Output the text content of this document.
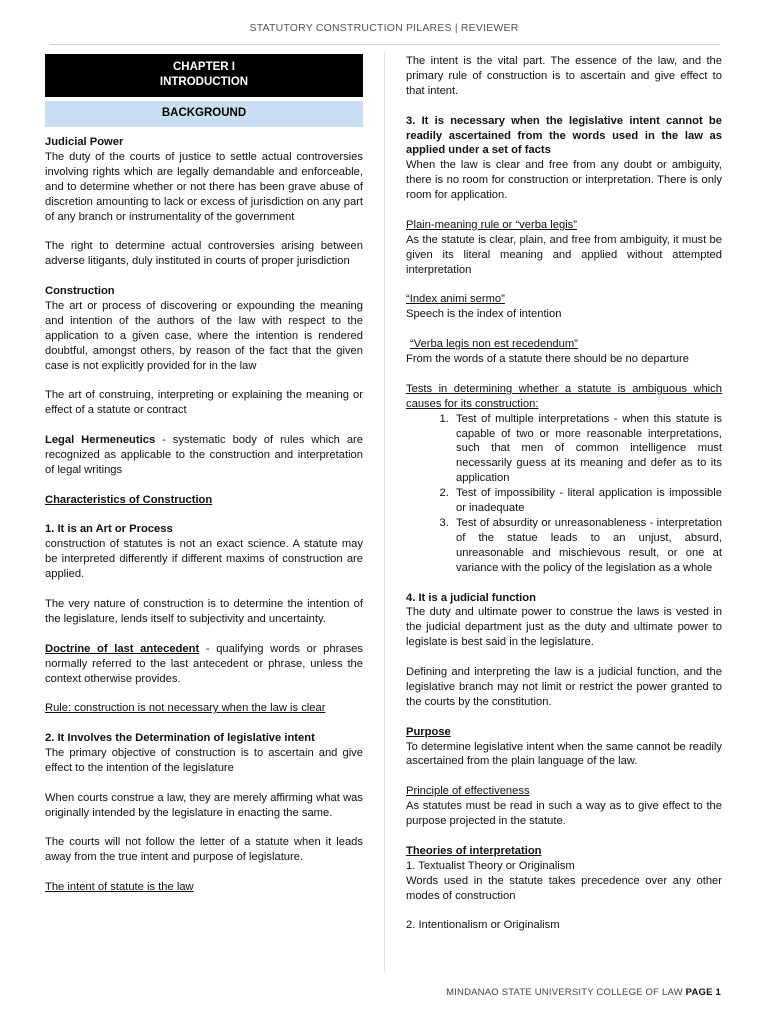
STATUTORY CONSTRUCTION PILARES | REVIEWER
CHAPTER I
INTRODUCTION
BACKGROUND

Judicial Power

The duty of the courts of justice to settle actual controversies involving rights which are legally demandable and enforceable, and to determine whether or not there has been grave abuse of discretion amounting to lack or excess of jurisdiction on any part of any branch or instrumentality of the government

The right to determine actual controversies arising between adverse litigants, duly instituted in courts of proper jurisdiction

Construction

The art or process of discovering or expounding the meaning and intention of the authors of the law with respect to the application to a given case, where the intention is rendered doubtful, amongst others, by reason of the fact that the given case is not explicitly provided for in the law

The art of construing, interpreting or explaining the meaning or effect of a statute or contract

Legal Hermeneutics - systematic body of rules which are recognized as applicable to the construction and interpretation of legal writings

Characteristics of Construction

1. It is an Art or Process

construction of statutes is not an exact science. A statute may be interpreted differently if different maxims of construction are applied.

The very nature of construction is to determine the intention of the legislature, lends itself to subjectivity and uncertainty.

Doctrine of last antecedent - qualifying words or phrases normally referred to the last antecedent or phrase, unless the context otherwise provides.

Rule: construction is not necessary when the law is clear

2. It Involves the Determination of legislative intent

The primary objective of construction is to ascertain and give effect to the intention of the legislature

When courts construe a law, they are merely affirming what was originally intended by the legislature in enacting the same.

The courts will not follow the letter of a statute when it leads away from the true intent and purpose of legislature.

The intent of statute is the law

The intent is the vital part. The essence of the law, and the primary rule of construction is to ascertain and give effect to that intent.

3. It is necessary when the legislative intent cannot be readily ascertained from the words used in the law as applied under a set of facts

When the law is clear and free from any doubt or ambiguity, there is no room for construction or interpretation. There is only room for application.

Plain-meaning rule or “verba legis”

As the statute is clear, plain, and free from ambiguity, it must be given its literal meaning and applied without attempted interpretation

“Index animi sermo”

Speech is the index of intention

“Verba legis non est recedendum”

From the words of a statute there should be no departure

Tests in determining whether a statute is ambiguous which causes for its construction:

1. Test of multiple interpretations - when this statute is capable of two or more reasonable interpretations, such that men of common intelligence must necessarily guess at its meaning and defer as to its application
2. Test of impossibility - literal application is impossible or inadequate
3. Test of absurdity or unreasonableness - interpretation of the statue leads to an unjust, absurd, unreasonable and mischievous result, or one at variance with the policy of the legislation as a whole

4. It is a judicial function

The duty and ultimate power to construe the laws is vested in the judicial department just as the duty and ultimate power to legislate is best said in the legislature.

Defining and interpreting the law is a judicial function, and the legislative branch may not limit or restrict the power granted to the courts by the constitution.

Purpose

To determine legislative intent when the same cannot be readily ascertained from the plain language of the law.

Principle of effectiveness

As statutes must be read in such a way as to give effect to the purpose projected in the statute.

Theories of interpretation

1. Textualist Theory or Originalism

Words used in the statute takes precedence over any other modes of construction

2. Intentionalism or Originalism

MINDANAO STATE UNIVERSITY COLLEGE OF LAW PAGE 1
